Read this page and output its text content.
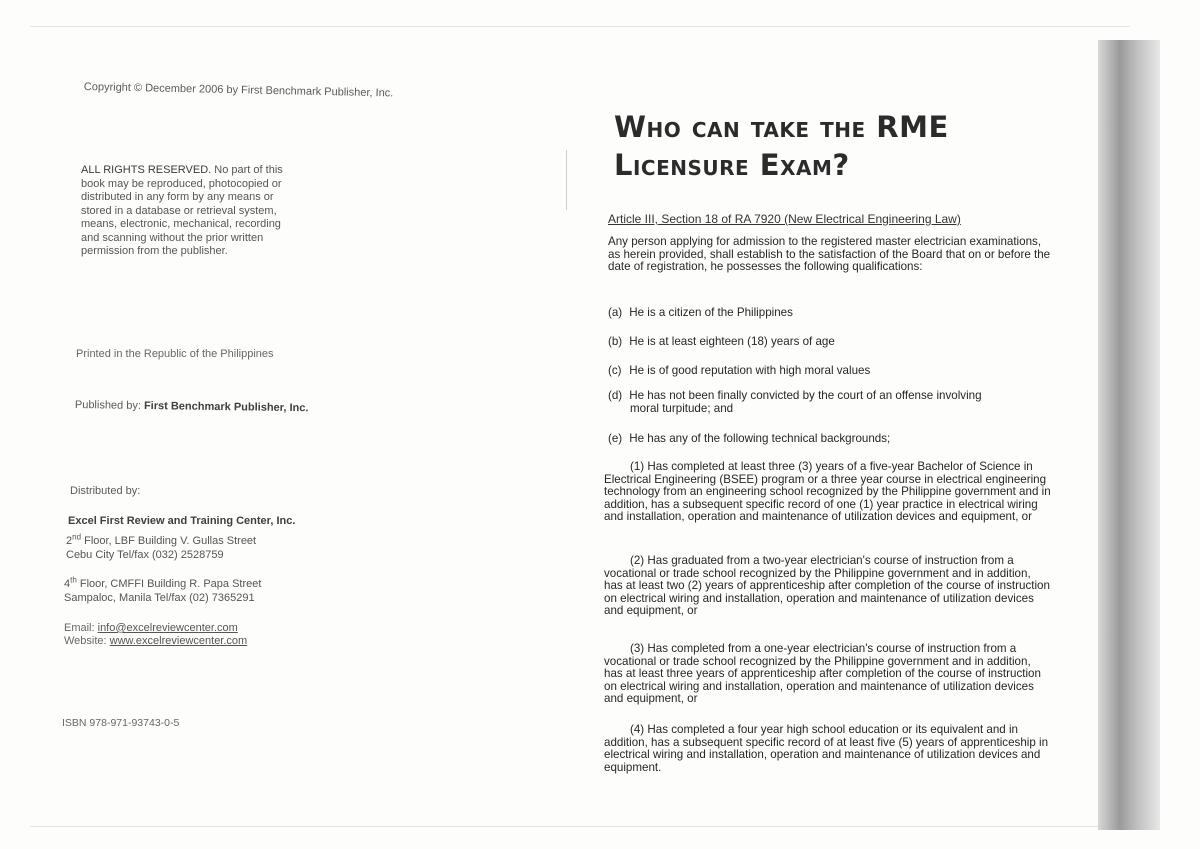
Copyright © December 2006 by First Benchmark Publisher, Inc.
ALL RIGHTS RESERVED. No part of this book may be reproduced, photocopied or distributed in any form by any means or stored in a database or retrieval system, means, electronic, mechanical, recording and scanning without the prior written permission from the publisher.
Printed in the Republic of the Philippines
Published by: First Benchmark Publisher, Inc.
Distributed by:
Excel First Review and Training Center, Inc.
2nd Floor, LBF Building V. Gullas Street
Cebu City Tel/fax (032) 2528759
4th Floor, CMFFI Building R. Papa Street
Sampaloc, Manila Tel/fax (02) 7365291
Email: info@excelreviewcenter.com
Website: www.excelreviewcenter.com
ISBN 978-971-93743-0-5
Who can take the RME
Licensure Exam?
Article III, Section 18 of RA 7920 (New Electrical Engineering Law)
Any person applying for admission to the registered master electrician examinations, as herein provided, shall establish to the satisfaction of the Board that on or before the date of registration, he possesses the following qualifications:
(a) He is a citizen of the Philippines
(b) He is at least eighteen (18) years of age
(c) He is of good reputation with high moral values
(d) He has not been finally convicted by the court of an offense involving
moral turpitude; and
(e) He has any of the following technical backgrounds;
(1) Has completed at least three (3) years of a five-year Bachelor of Science in Electrical Engineering (BSEE) program or a three year course in electrical engineering technology from an engineering school recognized by the Philippine government and in addition, has a subsequent specific record of one (1) year practice in electrical wiring and installation, operation and maintenance of utilization devices and equipment, or
(2) Has graduated from a two-year electrician's course of instruction from a vocational or trade school recognized by the Philippine government and in addition, has at least two (2) years of apprenticeship after completion of the course of instruction on electrical wiring and installation, operation and maintenance of utilization devices and equipment, or
(3) Has completed from a one-year electrician's course of instruction from a vocational or trade school recognized by the Philippine government and in addition, has at least three years of apprenticeship after completion of the course of instruction on electrical wiring and installation, operation and maintenance of utilization devices and equipment, or
(4) Has completed a four year high school education or its equivalent and in addition, has a subsequent specific record of at least five (5) years of apprenticeship in electrical wiring and installation, operation and maintenance of utilization devices and equipment.
